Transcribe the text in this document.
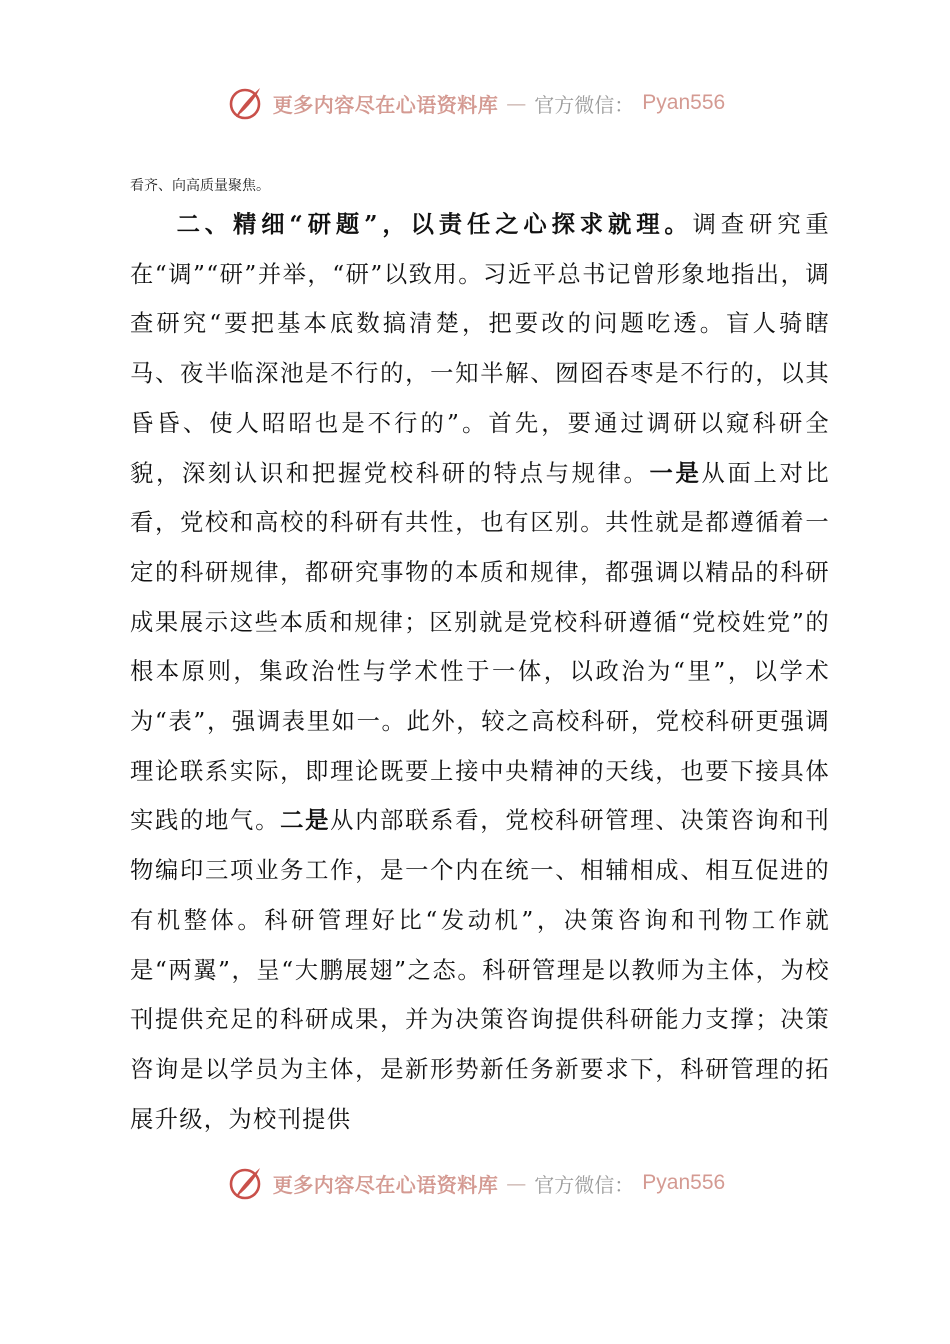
更多内容尽在心语资料库 — 官方微信： Pyan556
看齐、向高质量聚焦。

二、精细“研题”，以责任之心探求就理。调查研究重在“调”“研”并举，“研”以致用。习近平总书记曾形象地指出，调查研究“要把基本底数搞清楚，把要改的问题吃透。盲人骑瞎马、夜半临深池是不行的，一知半解、囫囵吞枣是不行的，以其昏昏、使人昭昭也是不行的”。首先，要通过调研以窥科研全貌，深刻认识和把握党校科研的特点与规律。一是从面上对比看，党校和高校的科研有共性，也有区别。共性就是都遵循着一定的科研规律，都研究事物的本质和规律，都强调以精品的科研成果展示这些本质和规律；区别就是党校科研遵循“党校姓党”的根本原则，集政治性与学术性于一体，以政治为“里”，以学术为“表”，强调表里如一。此外，较之高校科研，党校科研更强调理论联系实际，即理论既要上接中央精神的天线，也要下接具体实践的地气。二是从内部联系看，党校科研管理、决策咨询和刊物编印三项业务工作，是一个内在统一、相辅相成、相互促进的有机整体。科研管理好比“发动机”，决策咨询和刊物工作就是“两翼”，呈“大鹏展翅”之态。科研管理是以教师为主体，为校刊提供充足的科研成果，并为决策咨询提供科研能力支撑；决策咨询是以学员为主体，是新形势新任务新要求下，科研管理的拓展升级，为校刊提供

更多内容尽在心语资料库 — 官方微信： Pyan556
